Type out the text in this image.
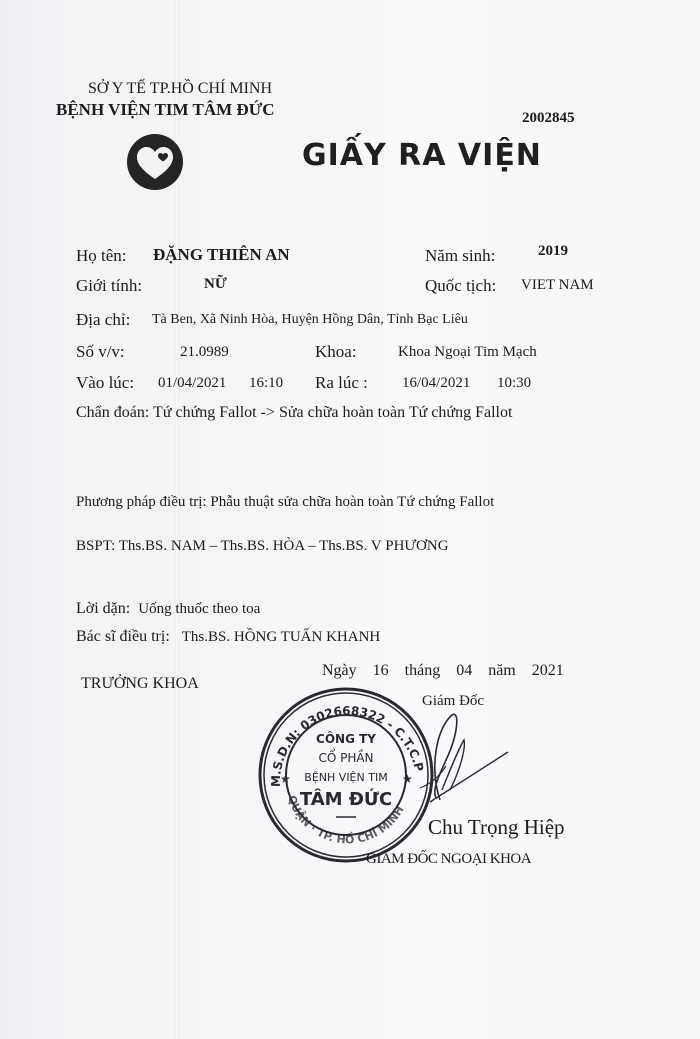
SỞ Y TẾ TP.HỒ CHÍ MINH
BỆNH VIỆN TIM TÂM ĐỨC	2002845
GIẤY RA VIỆN
Họ tên: ĐẶNG THIÊN AN	Năm sinh:	2019
Giới tính:	NỮ	Quốc tịch: VIET NAM
Địa chỉ: Tà Ben, Xã Ninh Hòa, Huyện Hồng Dân, Tỉnh Bạc Liêu
Số v/v:	21.0989	Khoa:	Khoa Ngoại Tim Mạch
Vào lúc: 01/04/2021 16:10 Ra lúc : 16/04/2021 10:30
Chẩn đoán: Tứ chứng Fallot -> Sửa chữa hoàn toàn Tứ chứng Fallot
Phương pháp điều trị: Phẫu thuật sửa chữa hoàn toàn Tứ chứng Fallot
BSPT: Ths.BS. NAM – Ths.BS. HÒA – Ths.BS. V PHƯƠNG
Lời dặn: Uống thuốc theo toa
Bác sĩ điều trị: Ths.BS. HỒNG TUẤN KHANH
TRƯỞNG KHOA
Ngày 16 tháng 04 năm 2021
Giám Đốc
M.S.D.N: 0302668322 - C.T.C.P
QUẬN · TP. HỒ CHÍ MINH
★	★
CÔNG TY
CỔ PHẦN
BỆNH VIỆN TIM
TÂM ĐỨC
Chu Trọng Hiệp
GIÁM ĐỐC NGOẠI KHOA
